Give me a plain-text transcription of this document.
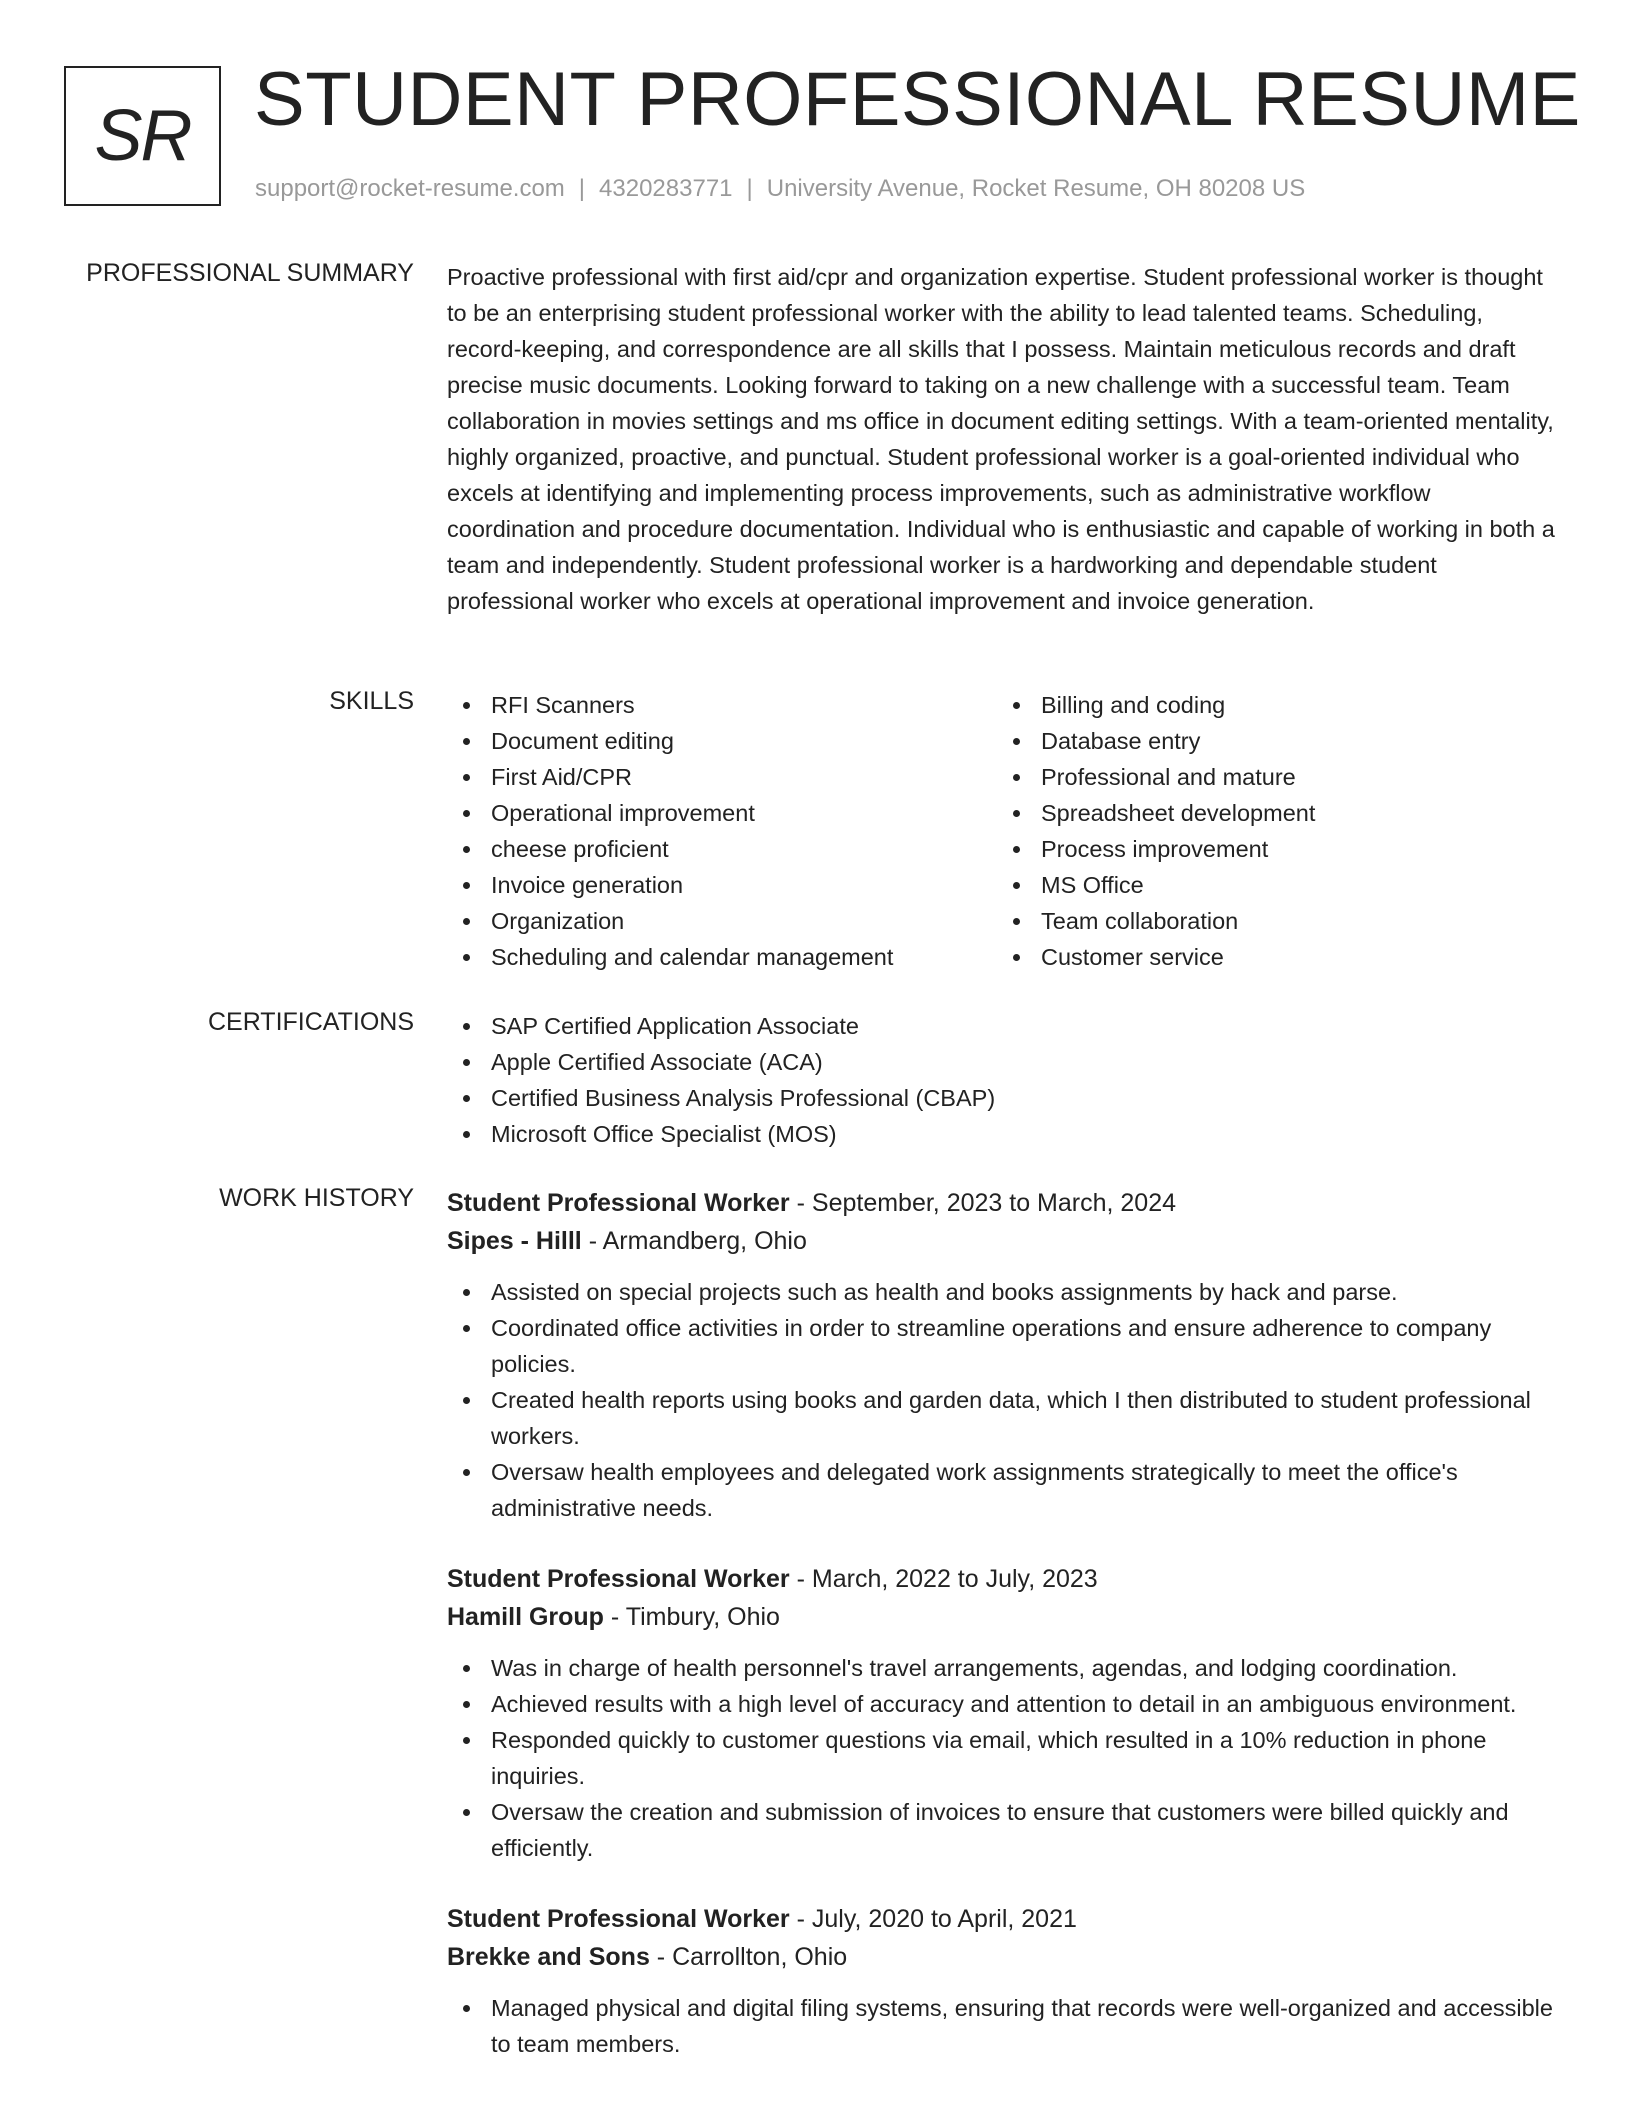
SR STUDENT PROFESSIONAL RESUME
support@rocket-resume.com | 4320283771 | University Avenue, Rocket Resume, OH 80208 US
PROFESSIONAL SUMMARY Proactive professional with first aid/cpr and organization expertise. Student professional worker is thought to be an enterprising student professional worker with the ability to lead talented teams. Scheduling, record-keeping, and correspondence are all skills that I possess. Maintain meticulous records and draft precise music documents. Looking forward to taking on a new challenge with a successful team. Team collaboration in movies settings and ms office in document editing settings. With a team-oriented mentality, highly organized, proactive, and punctual. Student professional worker is a goal-oriented individual who excels at identifying and implementing process improvements, such as administrative workflow coordination and procedure documentation. Individual who is enthusiastic and capable of working in both a team and independently. Student professional worker is a hardworking and dependable student professional worker who excels at operational improvement and invoice generation.

SKILLS	RFI Scanners
Document editing
First Aid/CPR
Operational improvement
cheese proficient
Invoice generation
Organization
Scheduling and calendar management
Billing and coding
Database entry
Professional and mature
Spreadsheet development
Process improvement
MS Office
Team collaboration
Customer service
CERTIFICATIONS	SAP Certified Application Associate
Apple Certified Associate (ACA)
Certified Business Analysis Professional (CBAP)
Microsoft Office Specialist (MOS)
WORK HISTORY Student Professional Worker - September, 2023 to March, 2024
Sipes - Hilll - Armandberg, Ohio
Assisted on special projects such as health and books assignments by hack and parse.
Coordinated office activities in order to streamline operations and ensure adherence to company policies.
Created health reports using books and garden data, which I then distributed to student professional workers.
Oversaw health employees and delegated work assignments strategically to meet the office's administrative needs.
Student Professional Worker - March, 2022 to July, 2023
Hamill Group - Timbury, Ohio
Was in charge of health personnel's travel arrangements, agendas, and lodging coordination.
Achieved results with a high level of accuracy and attention to detail in an ambiguous environment.
Responded quickly to customer questions via email, which resulted in a 10% reduction in phone inquiries.
Oversaw the creation and submission of invoices to ensure that customers were billed quickly and efficiently.
Student Professional Worker - July, 2020 to April, 2021
Brekke and Sons - Carrollton, Ohio
Managed physical and digital filing systems, ensuring that records were well-organized and accessible to team members.
